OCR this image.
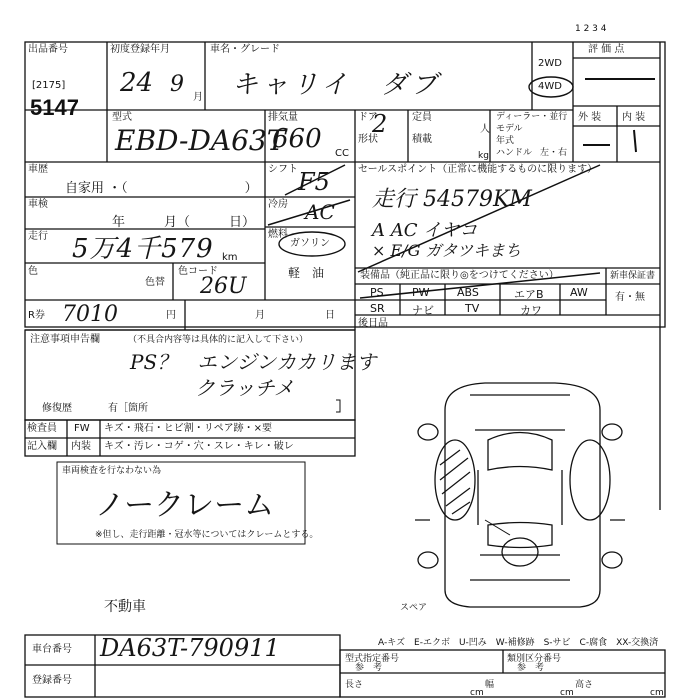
1 2 3 4
出品番号
[2175]
5147
初度登録年月
24 9
月
車名・グレード
キャリイ　ダブ
2WD
4WD
評 価 点
外 装 内 装
型式
EBD-DA63T
排気量
660 CC
ドア
2
形状
定員
人
積載
kg
ディーラー・並行
モデル
年式
ハンドル 左・右
車歴
自家用 ・（　　　　　　　　　）
車検
年　　　月（　　　日）
走行 5万4千579 km
色
色替
色コード
26U
シフト F5
冷房 AC
燃料
ガソリン
軽　油
セールスポイント（正常に機能するものに限ります）
走行 54579KM
A AC イヤコ
× E/G ガタツキまち
装備品（純正品に限り◎をつけてください）
PS	PW ABS	エアB AW
SR ナビ	TV	カワ
新車保証書
有・無
R券 7010	円
後日品
月	日
注意事項申告欄	（不具合内容等は具体的に記入して下さい）
PS？　エンジンカカリます
クラッチメ
修復歴	有［箇所
検査員
記入欄
FW キズ・飛石・ヒビ割・リペア跡・×要
内装 キズ・汚レ・コゲ・穴・スレ・キレ・破レ
車両検査を行なわない為
ノークレーム
※但し、走行距離・冠水等についてはクレームとする。
不動車
車台番号 DA63T-790911
登録番号
A-キズ　E-エクボ　U-凹み　W-補修跡　S-サビ　C-腐食　XX-交換済
型式指定番号
参　考
類別区分番号
参　考
長さ
cm
幅
cm
高さ
cm
スペア
